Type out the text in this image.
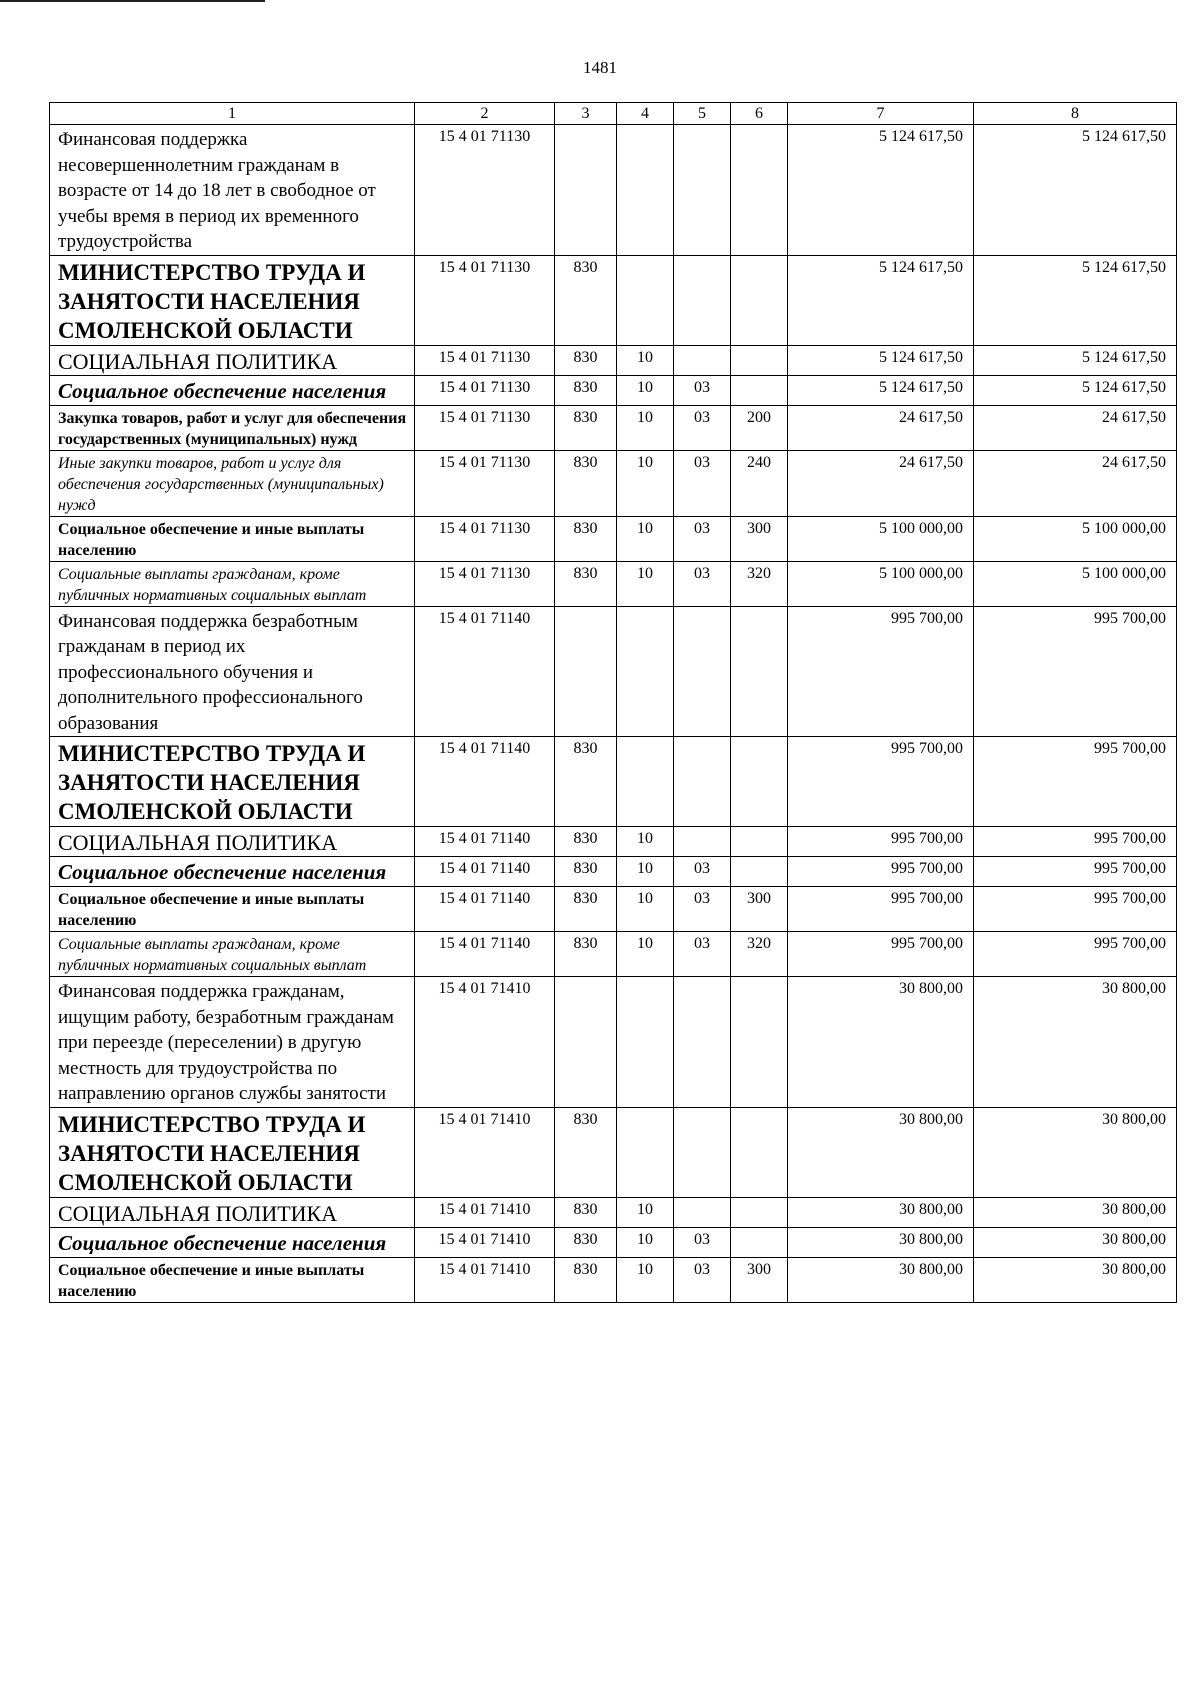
1481
1	2	3	4	5	6	7	8
Финансовая поддержка несовершеннолетним гражданам в возрасте от 14 до 18 лет в свободное от учебы время в период их временного трудоустройства	15 4 01 71130					5 124 617,50	5 124 617,50
МИНИСТЕРСТВО ТРУДА И ЗАНЯТОСТИ НАСЕЛЕНИЯ СМОЛЕНСКОЙ ОБЛАСТИ	15 4 01 71130	830				5 124 617,50	5 124 617,50
СОЦИАЛЬНАЯ ПОЛИТИКА	15 4 01 71130	830	10			5 124 617,50	5 124 617,50
Социальное обеспечение населения	15 4 01 71130	830	10	03		5 124 617,50	5 124 617,50
Закупка товаров, работ и услуг для обеспечения государственных (муниципальных) нужд	15 4 01 71130	830	10	03	200	24 617,50	24 617,50
Иные закупки товаров, работ и услуг для обеспечения государственных (муниципальных) нужд	15 4 01 71130	830	10	03	240	24 617,50	24 617,50
Социальное обеспечение и иные выплаты населению	15 4 01 71130	830	10	03	300	5 100 000,00	5 100 000,00
Социальные выплаты гражданам, кроме публичных нормативных социальных выплат	15 4 01 71130	830	10	03	320	5 100 000,00	5 100 000,00
Финансовая поддержка безработным гражданам в период их профессионального обучения и дополнительного профессионального образования	15 4 01 71140					995 700,00	995 700,00
МИНИСТЕРСТВО ТРУДА И ЗАНЯТОСТИ НАСЕЛЕНИЯ СМОЛЕНСКОЙ ОБЛАСТИ	15 4 01 71140	830				995 700,00	995 700,00
СОЦИАЛЬНАЯ ПОЛИТИКА	15 4 01 71140	830	10			995 700,00	995 700,00
Социальное обеспечение населения	15 4 01 71140	830	10	03		995 700,00	995 700,00
Социальное обеспечение и иные выплаты населению	15 4 01 71140	830	10	03	300	995 700,00	995 700,00
Социальные выплаты гражданам, кроме публичных нормативных социальных выплат	15 4 01 71140	830	10	03	320	995 700,00	995 700,00
Финансовая поддержка гражданам, ищущим работу, безработным гражданам при переезде (переселении) в другую местность для трудоустройства по направлению органов службы занятости	15 4 01 71410					30 800,00	30 800,00
МИНИСТЕРСТВО ТРУДА И ЗАНЯТОСТИ НАСЕЛЕНИЯ СМОЛЕНСКОЙ ОБЛАСТИ	15 4 01 71410	830				30 800,00	30 800,00
СОЦИАЛЬНАЯ ПОЛИТИКА	15 4 01 71410	830	10			30 800,00	30 800,00
Социальное обеспечение населения	15 4 01 71410	830	10	03		30 800,00	30 800,00
Социальное обеспечение и иные выплаты населению	15 4 01 71410	830	10	03	300	30 800,00	30 800,00
